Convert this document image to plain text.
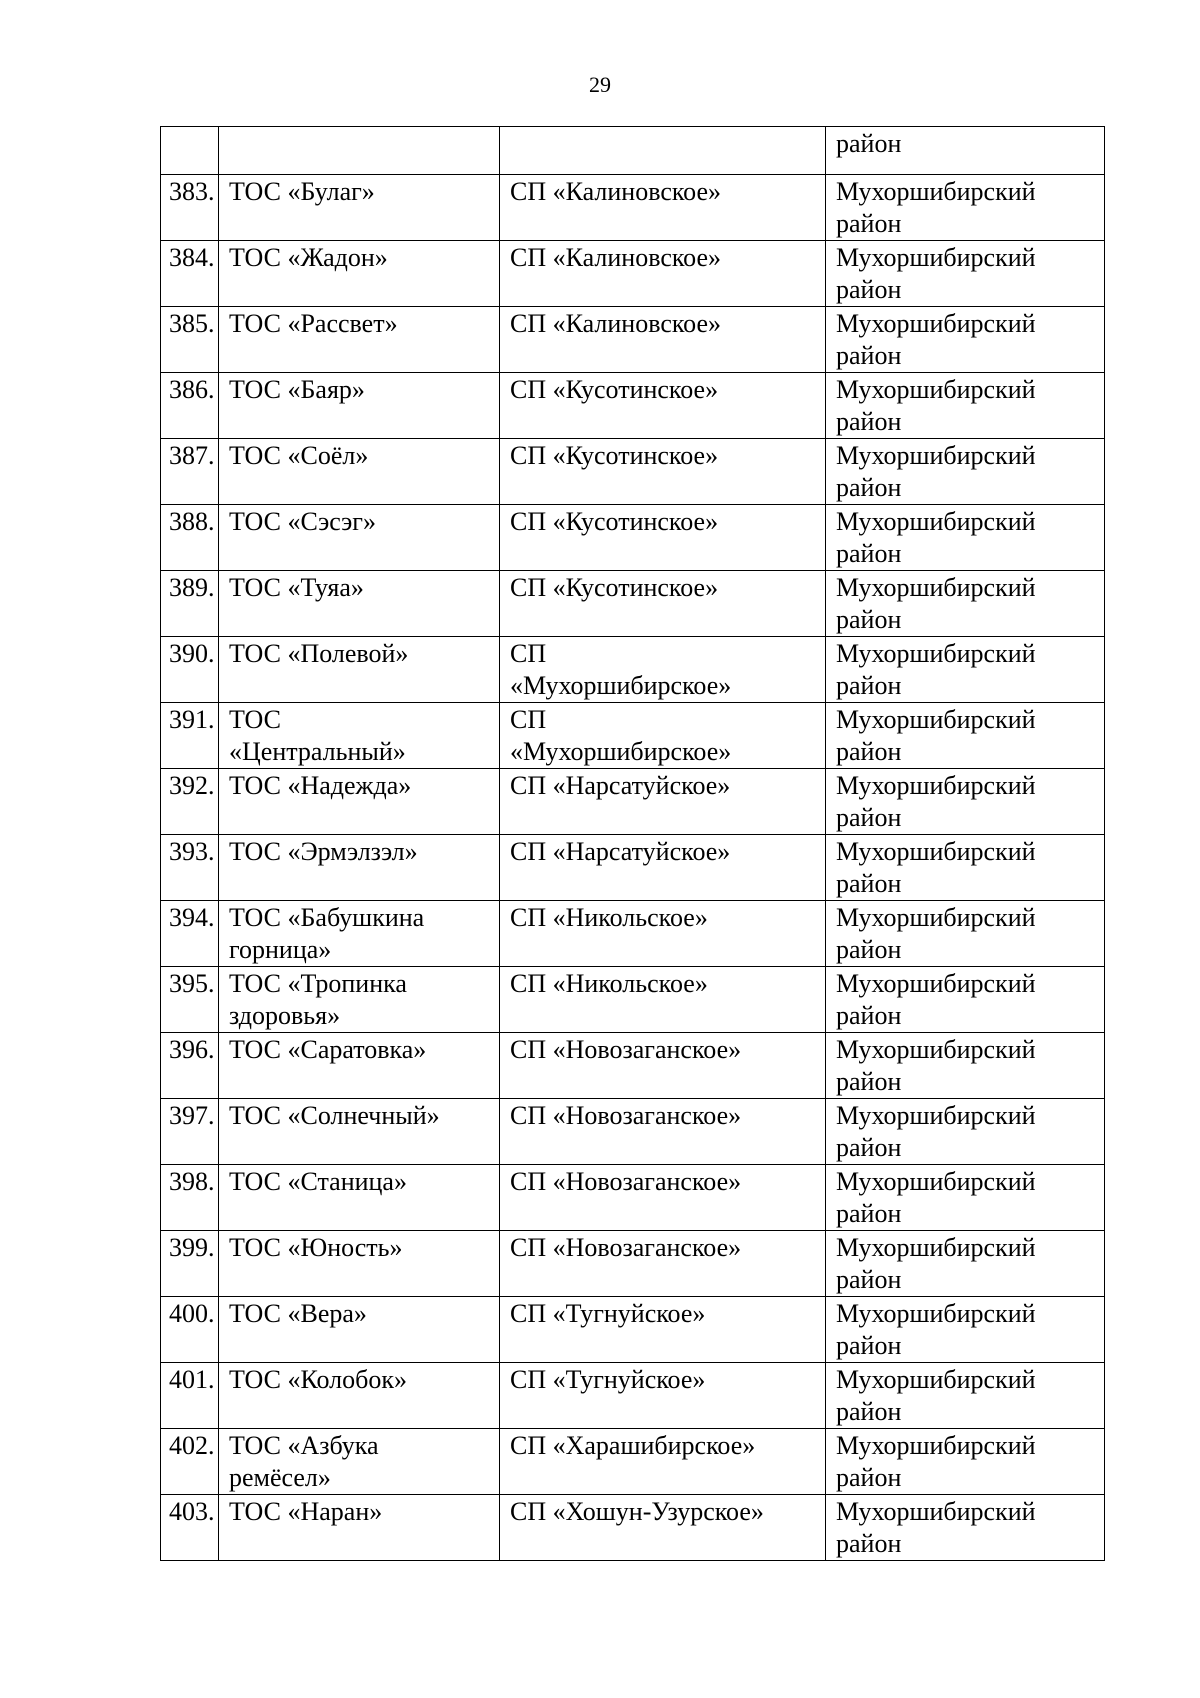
29

			район

383.	ТОС «Булаг»	СП «Калиновское»	Мухоршибирский
район

384.	ТОС «Жадон»	СП «Калиновское»	Мухоршибирский
район

385.	ТОС «Рассвет»	СП «Калиновское»	Мухоршибирский
район

386.	ТОС «Баяр»	СП «Кусотинское»	Мухоршибирский
район

387.	ТОС «Соёл»	СП «Кусотинское»	Мухоршибирский
район

388.	ТОС «Сэсэг»	СП «Кусотинское»	Мухоршибирский
район

389.	ТОС «Туяа»	СП «Кусотинское»	Мухоршибирский
район

390.	ТОС «Полевой»	СП
«Мухоршибирское»	Мухоршибирский
район

391.	ТОС
«Центральный»	СП
«Мухоршибирское»	Мухоршибирский
район

392.	ТОС «Надежда»	СП «Нарсатуйское»	Мухоршибирский
район

393.	ТОС «Эрмэлзэл»	СП «Нарсатуйское»	Мухоршибирский
район

394.	ТОС «Бабушкина
горница»	СП «Никольское»	Мухоршибирский
район

395.	ТОС «Тропинка
здоровья»	СП «Никольское»	Мухоршибирский
район

396.	ТОС «Саратовка»	СП «Новозаганское»	Мухоршибирский
район

397.	ТОС «Солнечный»	СП «Новозаганское»	Мухоршибирский
район

398.	ТОС «Станица»	СП «Новозаганское»	Мухоршибирский
район

399.	ТОС «Юность»	СП «Новозаганское»	Мухоршибирский
район

400.	ТОС «Вера»	СП «Тугнуйское»	Мухоршибирский
район

401.	ТОС «Колобок»	СП «Тугнуйское»	Мухоршибирский
район

402.	ТОС «Азбука
ремёсел»	СП «Харашибирское»	Мухоршибирский
район

403.	ТОС «Наран»	СП «Хошун-Узурское»	Мухоршибирский
район
